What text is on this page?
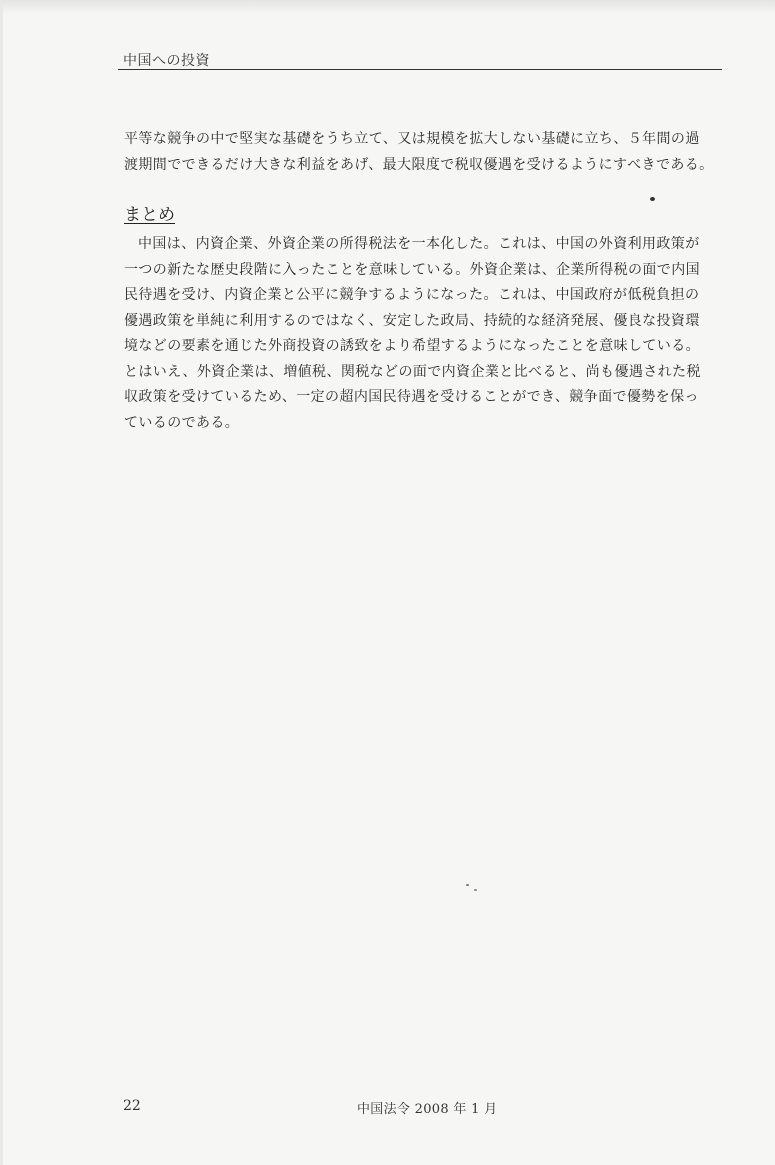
中国への投資

平等な競争の中で堅実な基礎をうち立て、又は規模を拡大しない基礎に立ち、５年間の過

渡期間でできるだけ大きな利益をあげ、最大限度で税収優遇を受けるようにすべきである。

まとめ

中国は、内資企業、外資企業の所得税法を一本化した。これは、中国の外資利用政策が

一つの新たな歴史段階に入ったことを意味している。外資企業は、企業所得税の面で内国

民待遇を受け、内資企業と公平に競争するようになった。これは、中国政府が低税負担の

優遇政策を単純に利用するのではなく、安定した政局、持続的な経済発展、優良な投資環

境などの要素を通じた外商投資の誘致をより希望するようになったことを意味している。

とはいえ、外資企業は、増値税、関税などの面で内資企業と比べると、尚も優遇された税

収政策を受けているため、一定の超内国民待遇を受けることができ、競争面で優勢を保っ

ているのである。

22	中国法令 2008 年 1 月
